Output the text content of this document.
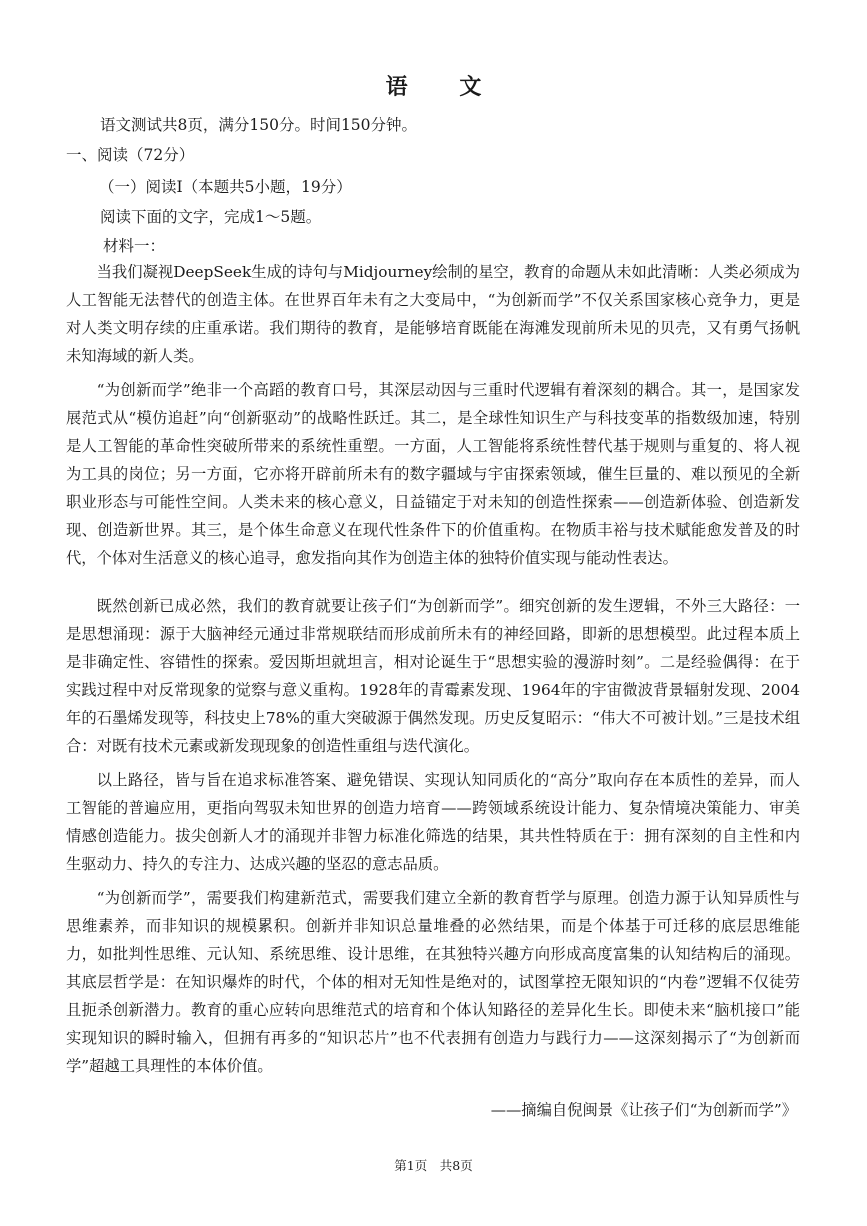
语 文
语文测试共8页，满分150分。时间150分钟。
一、阅读（72分）
（一）阅读Ⅰ（本题共5小题，19分）
阅读下面的文字，完成1～5题。
材料一：

当我们凝视DeepSeek生成的诗句与Midjourney绘制的星空，教育的命题从未如此清晰：人类必须成为人工智能无法替代的创造主体。在世界百年未有之大变局中，“为创新而学”不仅关系国家核心竞争力，更是对人类文明存续的庄重承诺。我们期待的教育，是能够培育既能在海滩发现前所未见的贝壳，又有勇气扬帆未知海域的新人类。

“为创新而学”绝非一个高蹈的教育口号，其深层动因与三重时代逻辑有着深刻的耦合。其一，是国家发展范式从“模仿追赶”向“创新驱动”的战略性跃迁。其二，是全球性知识生产与科技变革的指数级加速，特别是人工智能的革命性突破所带来的系统性重塑。一方面，人工智能将系统性替代基于规则与重复的、将人视为工具的岗位；另一方面，它亦将开辟前所未有的数字疆域与宇宙探索领域，催生巨量的、难以预见的全新职业形态与可能性空间。人类未来的核心意义，日益锚定于对未知的创造性探索——创造新体验、创造新发现、创造新世界。其三，是个体生命意义在现代性条件下的价值重构。在物质丰裕与技术赋能愈发普及的时代，个体对生活意义的核心追寻，愈发指向其作为创造主体的独特价值实现与能动性表达。

既然创新已成必然，我们的教育就要让孩子们“为创新而学”。细究创新的发生逻辑，不外三大路径：一是思想涌现：源于大脑神经元通过非常规联结而形成前所未有的神经回路，即新的思想模型。此过程本质上是非确定性、容错性的探索。爱因斯坦就坦言，相对论诞生于“思想实验的漫游时刻”。二是经验偶得：在于实践过程中对反常现象的觉察与意义重构。1928年的青霉素发现、1964年的宇宙微波背景辐射发现、2004年的石墨烯发现等，科技史上78%的重大突破源于偶然发现。历史反复昭示：“伟大不可被计划。”三是技术组合：对既有技术元素或新发现现象的创造性重组与迭代演化。

以上路径，皆与旨在追求标准答案、避免错误、实现认知同质化的“高分”取向存在本质性的差异，而人工智能的普遍应用，更指向驾驭未知世界的创造力培育——跨领域系统设计能力、复杂情境决策能力、审美情感创造能力。拔尖创新人才的涌现并非智力标准化筛选的结果，其共性特质在于：拥有深刻的自主性和内生驱动力、持久的专注力、达成兴趣的坚忍的意志品质。

“为创新而学”，需要我们构建新范式，需要我们建立全新的教育哲学与原理。创造力源于认知异质性与思维素养，而非知识的规模累积。创新并非知识总量堆叠的必然结果，而是个体基于可迁移的底层思维能力，如批判性思维、元认知、系统思维、设计思维，在其独特兴趣方向形成高度富集的认知结构后的涌现。其底层哲学是：在知识爆炸的时代，个体的相对无知性是绝对的，试图掌控无限知识的“内卷”逻辑不仅徒劳且扼杀创新潜力。教育的重心应转向思维范式的培育和个体认知路径的差异化生长。即使未来“脑机接口”能实现知识的瞬时输入，但拥有再多的“知识芯片”也不代表拥有创造力与践行力——这深刻揭示了“为创新而学”超越工具理性的本体价值。

——摘编自倪闽景《让孩子们“为创新而学”》
第1页　共8页
